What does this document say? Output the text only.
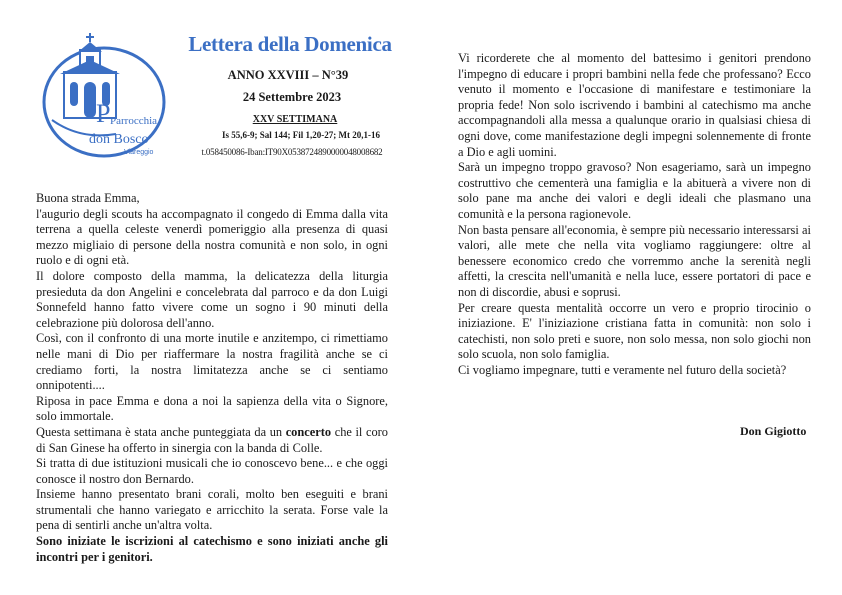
P Parrocchia
don Bosco
Viareggio
Lettera della Domenica
ANNO XXVIII – N°39
24 Settembre 2023
XXV SETTIMANA
Is 55,6-9; Sal 144; Fil 1,20-27; Mt 20,1-16
t.058450086-Iban:IT90X0538724890000048008682

Buona strada Emma,

l'augurio degli scouts ha accompagnato il congedo di Emma dalla vita terrena a quella celeste venerdì pomeriggio alla presenza di quasi mezzo migliaio di persone della nostra comunità e non solo, in ogni ruolo e di ogni età.

Il dolore composto della mamma, la delicatezza della liturgia presieduta da don Angelini e concelebrata dal parroco e da don Luigi Sonnefeld hanno fatto vivere come un sogno i 90 minuti della celebrazione più dolorosa dell'anno.

Così, con il confronto di una morte inutile e anzitempo, ci rimettiamo nelle mani di Dio per riaffermare la nostra fragilità anche se ci crediamo forti, la nostra limitatezza anche se ci sentiamo onnipotenti....

Riposa in pace Emma e dona a noi la sapienza della vita o Signore, solo immortale.

Questa settimana è stata anche punteggiata da un concerto che il coro di San Ginese ha offerto in sinergia con la banda di Colle.

Si tratta di due istituzioni musicali che io conoscevo bene... e che oggi conosce il nostro don Bernardo.

Insieme hanno presentato brani corali, molto ben eseguiti e brani strumentali che hanno variegato e arricchito la serata. Forse vale la pena di sentirli anche un'altra volta.

Sono iniziate le iscrizioni al catechismo e sono iniziati anche gli incontri per i genitori.

Vi ricorderete che al momento del battesimo i genitori prendono l'impegno di educare i propri bambini nella fede che professano? Ecco venuto il momento e l'occasione di manifestare e testimoniare la propria fede! Non solo iscrivendo i bambini al catechismo ma anche accompagnandoli alla messa a qualunque orario in qualsiasi chiesa di ogni dove, come manifestazione degli impegni solennemente di fronte a Dio e agli uomini.

Sarà un impegno troppo gravoso? Non esageriamo, sarà un impegno costruttivo che cementerà una famiglia e la abituerà a vivere non di solo pane ma anche dei valori e degli ideali che plasmano una comunità e la persona ragionevole.

Non basta pensare all'economia, è sempre più necessario interessarsi ai valori, alle mete che nella vita vogliamo raggiungere: oltre al benessere economico credo che vorremmo anche la serenità negli affetti, la crescita nell'umanità e nella luce, essere portatori di pace e non di discordie, abusi e soprusi.

Per creare questa mentalità occorre un vero e proprio tirocinio o iniziazione. E' l'iniziazione cristiana fatta in comunità: non solo i catechisti, non solo preti e suore, non solo messa, non solo giochi non solo scuola, non solo famiglia.

Ci vogliamo impegnare, tutti e veramente nel futuro della società?

Don Gigiotto
